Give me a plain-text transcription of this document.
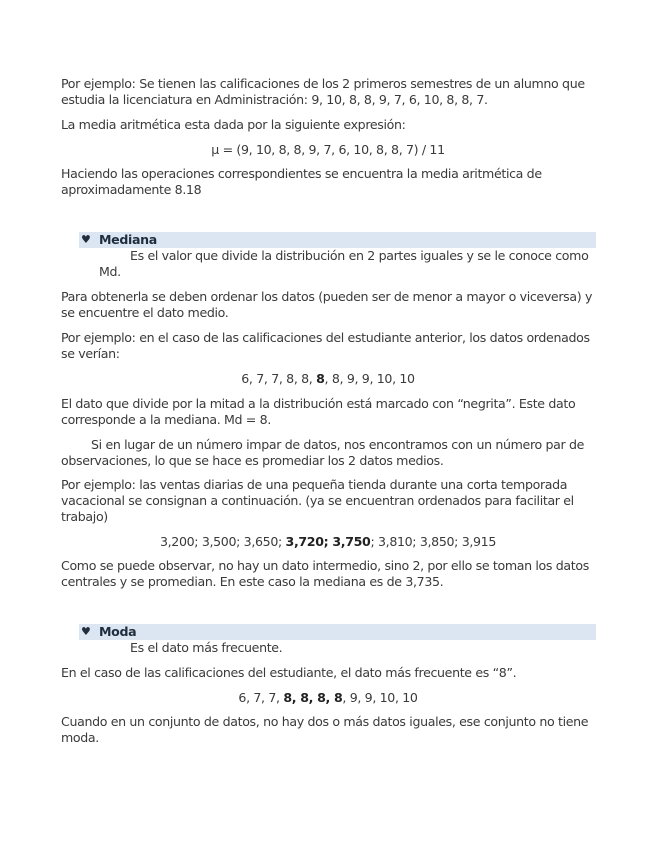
Por ejemplo: Se tienen las calificaciones de los 2 primeros semestres de un alumno que

estudia la licenciatura en Administración: 9, 10, 8, 8, 9, 7, 6, 10, 8, 8, 7.

La media aritmética esta dada por la siguiente expresión:

μ = (9, 10, 8, 8, 9, 7, 6, 10, 8, 8, 7) / 11

Haciendo las operaciones correspondientes se encuentra la media aritmética de

aproximadamente 8.18

♥ Mediana

Es el valor que divide la distribución en 2 partes iguales y se le conoce como

Md.

Para obtenerla se deben ordenar los datos (pueden ser de menor a mayor o viceversa) y

se encuentre el dato medio.

Por ejemplo: en el caso de las calificaciones del estudiante anterior, los datos ordenados

se verían:

6, 7, 7, 8, 8, 8, 8, 9, 9, 10, 10

El dato que divide por la mitad a la distribución está marcado con “negrita”. Este dato

corresponde a la mediana. Md = 8.

Si en lugar de un número impar de datos, nos encontramos con un número par de

observaciones, lo que se hace es promediar los 2 datos medios.

Por ejemplo: las ventas diarias de una pequeña tienda durante una corta temporada

vacacional se consignan a continuación. (ya se encuentran ordenados para facilitar el

trabajo)

3,200; 3,500; 3,650; 3,720; 3,750; 3,810; 3,850; 3,915

Como se puede observar, no hay un dato intermedio, sino 2, por ello se toman los datos

centrales y se promedian. En este caso la mediana es de 3,735.

♥ Moda

Es el dato más frecuente.

En el caso de las calificaciones del estudiante, el dato más frecuente es “8”.

6, 7, 7, 8, 8, 8, 8, 9, 9, 10, 10

Cuando en un conjunto de datos, no hay dos o más datos iguales, ese conjunto no tiene

moda.
